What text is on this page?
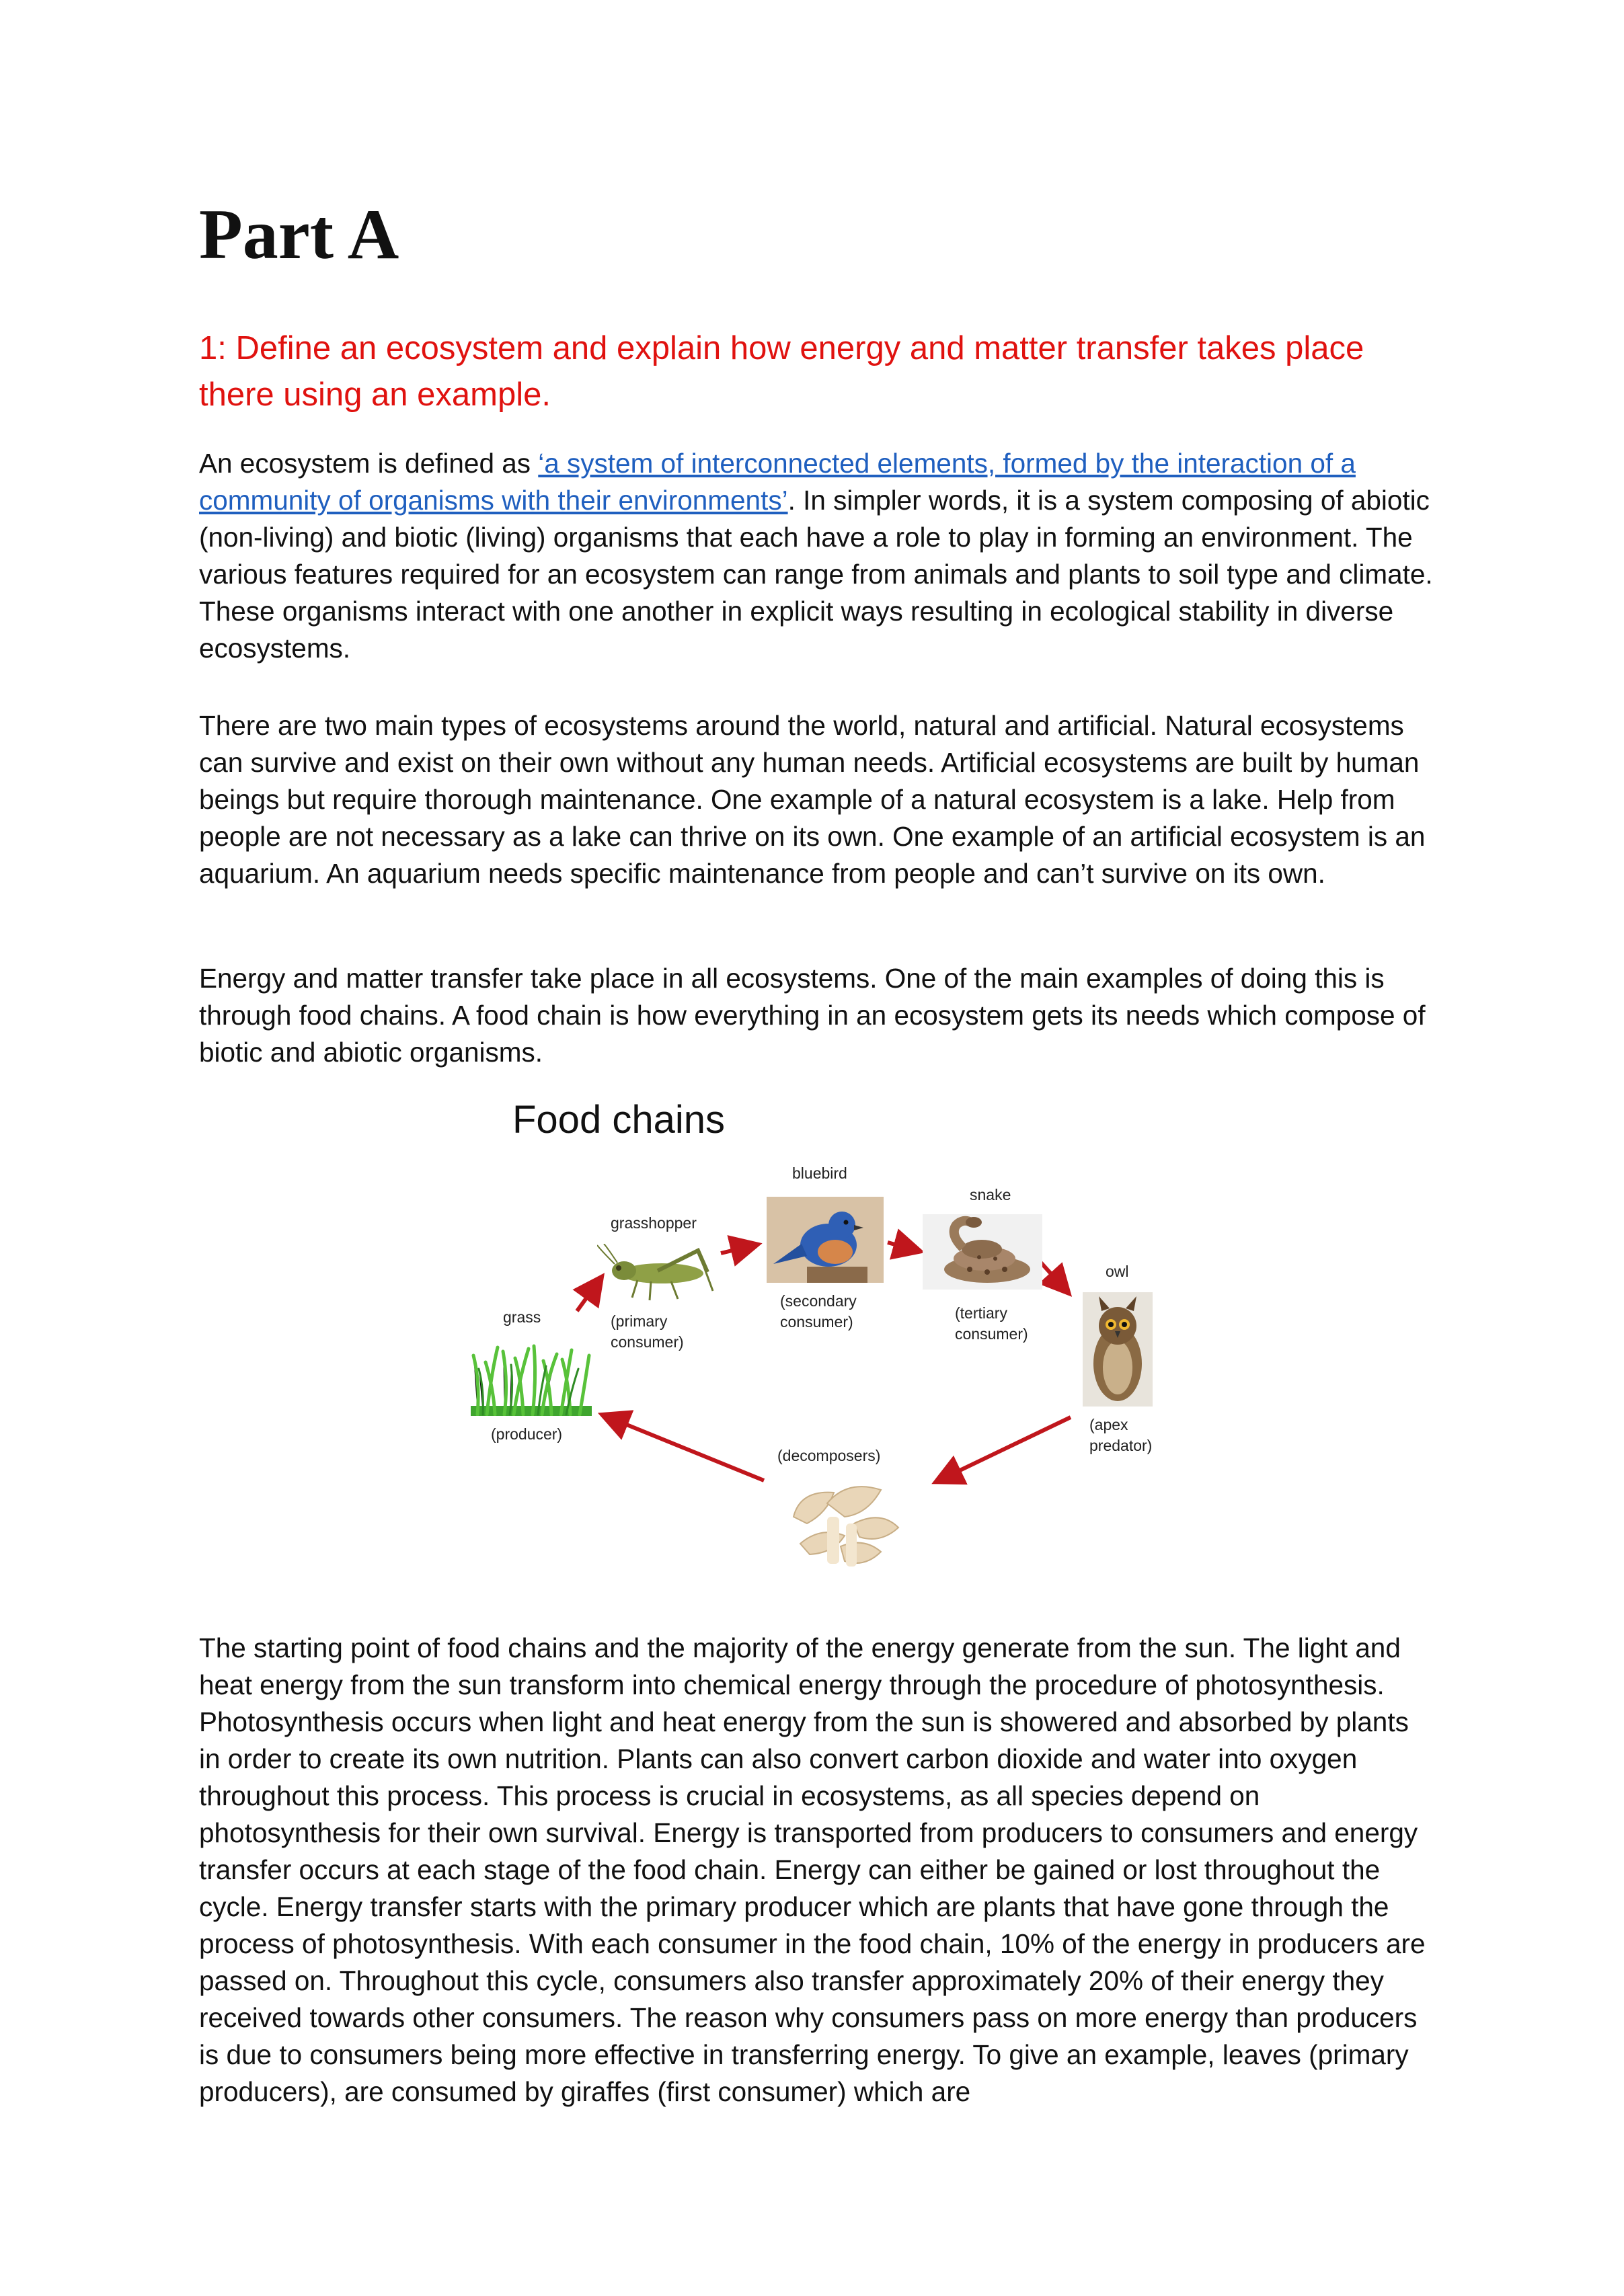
Part A
1: Define an ecosystem and explain how energy and matter transfer takes place there using an example.

An ecosystem is defined as ‘a system of interconnected elements, formed by the interaction of a community of organisms with their environments’. In simpler words, it is a system composing of abiotic (non-living) and biotic (living) organisms that each have a role to play in forming an environment. The various features required for an ecosystem can range from animals and plants to soil type and climate. These organisms interact with one another in explicit ways resulting in ecological stability in diverse ecosystems.

There are two main types of ecosystems around the world, natural and artificial. Natural ecosystems can survive and exist on their own without any human needs. Artificial ecosystems are built by human beings but require thorough maintenance. One example of a natural ecosystem is a lake. Help from people are not necessary as a lake can thrive on its own. One example of an artificial ecosystem is an aquarium. An aquarium needs specific maintenance from people and can’t survive on its own.

Energy and matter transfer take place in all ecosystems. One of the main examples of doing this is through food chains. A food chain is how everything in an ecosystem gets its needs which compose of biotic and abiotic organisms.

Food chains
grass
(producer)
grasshopper
(primary
consumer)
bluebird
(secondary
consumer)
snake
(tertiary
consumer)
owl
(apex
predator)
(decomposers)

The starting point of food chains and the majority of the energy generate from the sun. The light and heat energy from the sun transform into chemical energy through the procedure of photosynthesis. Photosynthesis occurs when light and heat energy from the sun is showered and absorbed by plants in order to create its own nutrition. Plants can also convert carbon dioxide and water into oxygen throughout this process. This process is crucial in ecosystems, as all species depend on photosynthesis for their own survival. Energy is transported from producers to consumers and energy transfer occurs at each stage of the food chain. Energy can either be gained or lost throughout the cycle. Energy transfer starts with the primary producer which are plants that have gone through the process of photosynthesis. With each consumer in the food chain, 10% of the energy in producers are passed on. Throughout this cycle, consumers also transfer approximately 20% of their energy they received towards other consumers. The reason why consumers pass on more energy than producers is due to consumers being more effective in transferring energy. To give an example, leaves (primary producers), are consumed by giraffes (first consumer) which are
